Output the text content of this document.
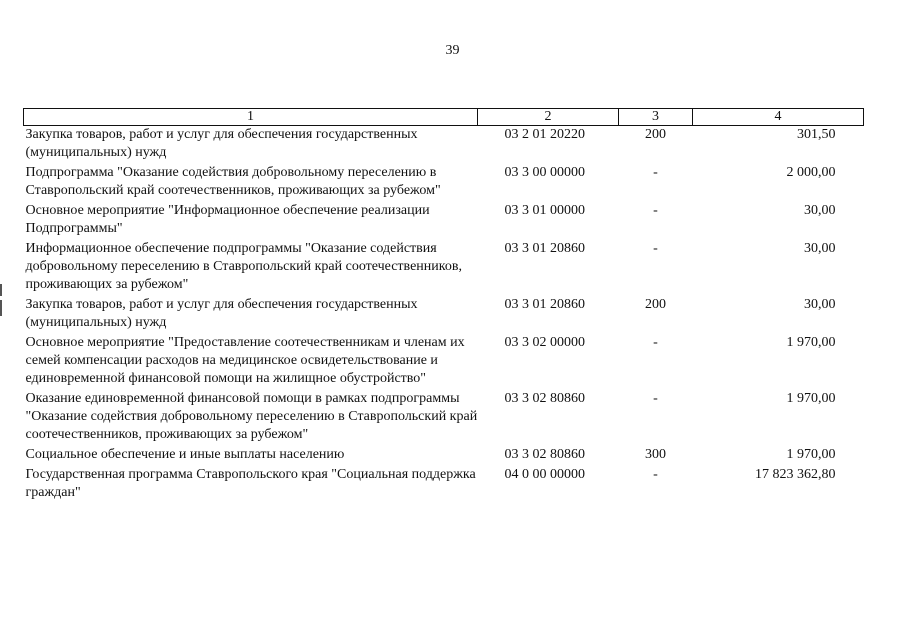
39
1	2	3	4
Закупка товаров, работ и услуг для обеспечения государственных (муниципальных) нужд	03 2 01 20220	200	301,50
Подпрограмма "Оказание содействия добровольному переселению в Ставропольский край соотечественников, проживающих за рубежом"	03 3 00 00000	-	2 000,00
Основное мероприятие "Информационное обеспечение реализации Подпрограммы"	03 3 01 00000	-	30,00
Информационное обеспечение подпрограммы "Оказание содействия добровольному переселению в Ставропольский край соотечественников, проживающих за рубежом"	03 3 01 20860	-	30,00
Закупка товаров, работ и услуг для обеспечения государственных (муниципальных) нужд	03 3 01 20860	200	30,00
Основное мероприятие "Предоставление соотечественникам и членам их семей компенсации расходов на медицинское освидетельствование и единовременной финансовой помощи на жилищное обустройство"	03 3 02 00000	-	1 970,00
Оказание единовременной финансовой помощи в рамках подпрограммы "Оказание содействия добровольному переселению в Ставропольский край соотечественников, проживающих за рубежом"	03 3 02 80860	-	1 970,00
Социальное обеспечение и иные выплаты населению	03 3 02 80860	300	1 970,00
Государственная программа Ставропольского края "Социальная поддержка граждан"	04 0 00 00000	-	17 823 362,80
